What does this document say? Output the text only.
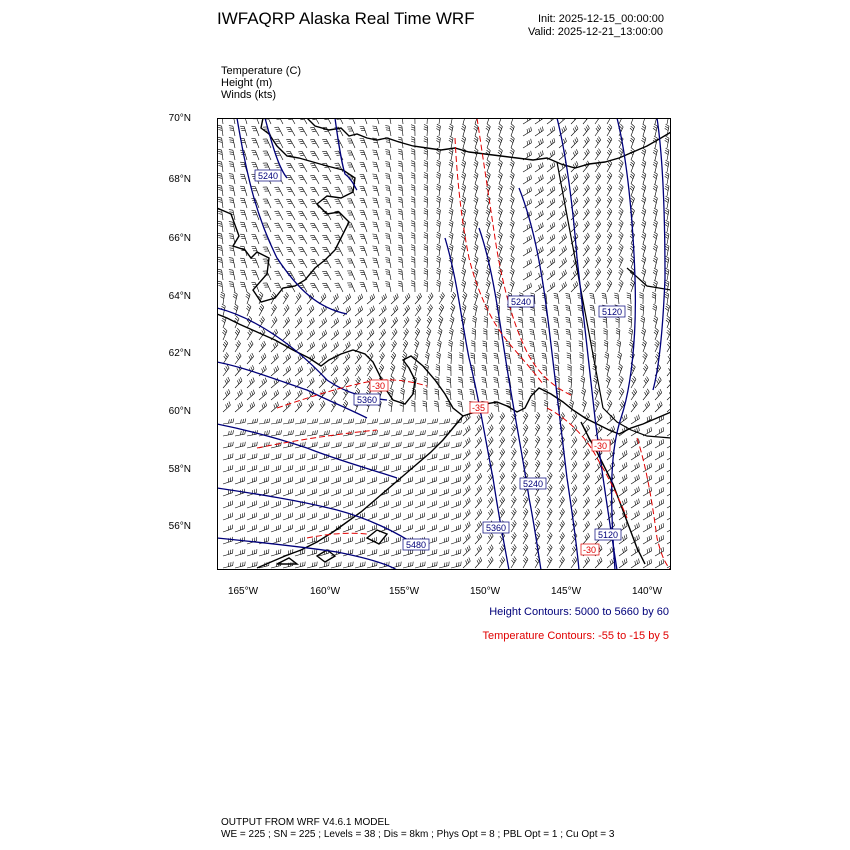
IWFAQRP Alaska Real Time WRF	Init: 2025-12-15_00:00:00
Valid: 2025-12-21_13:00:00
Temperature (C)
Height (m)
Winds (kts)
5240
5360
5240
5120
5240
5360
5480
5120
-30
-35
-30
-30
70°N
68°N
66°N
64°N
62°N
60°N
58°N
56°N
165°W	160°W	155°W	150°W	145°W	140°W
Height Contours: 5000 to 5660 by 60
Temperature Contours: -55 to -15 by 5
OUTPUT FROM WRF V4.6.1 MODEL
WE = 225 ; SN = 225 ; Levels = 38 ; Dis = 8km ; Phys Opt = 8 ; PBL Opt = 1 ; Cu Opt = 3
